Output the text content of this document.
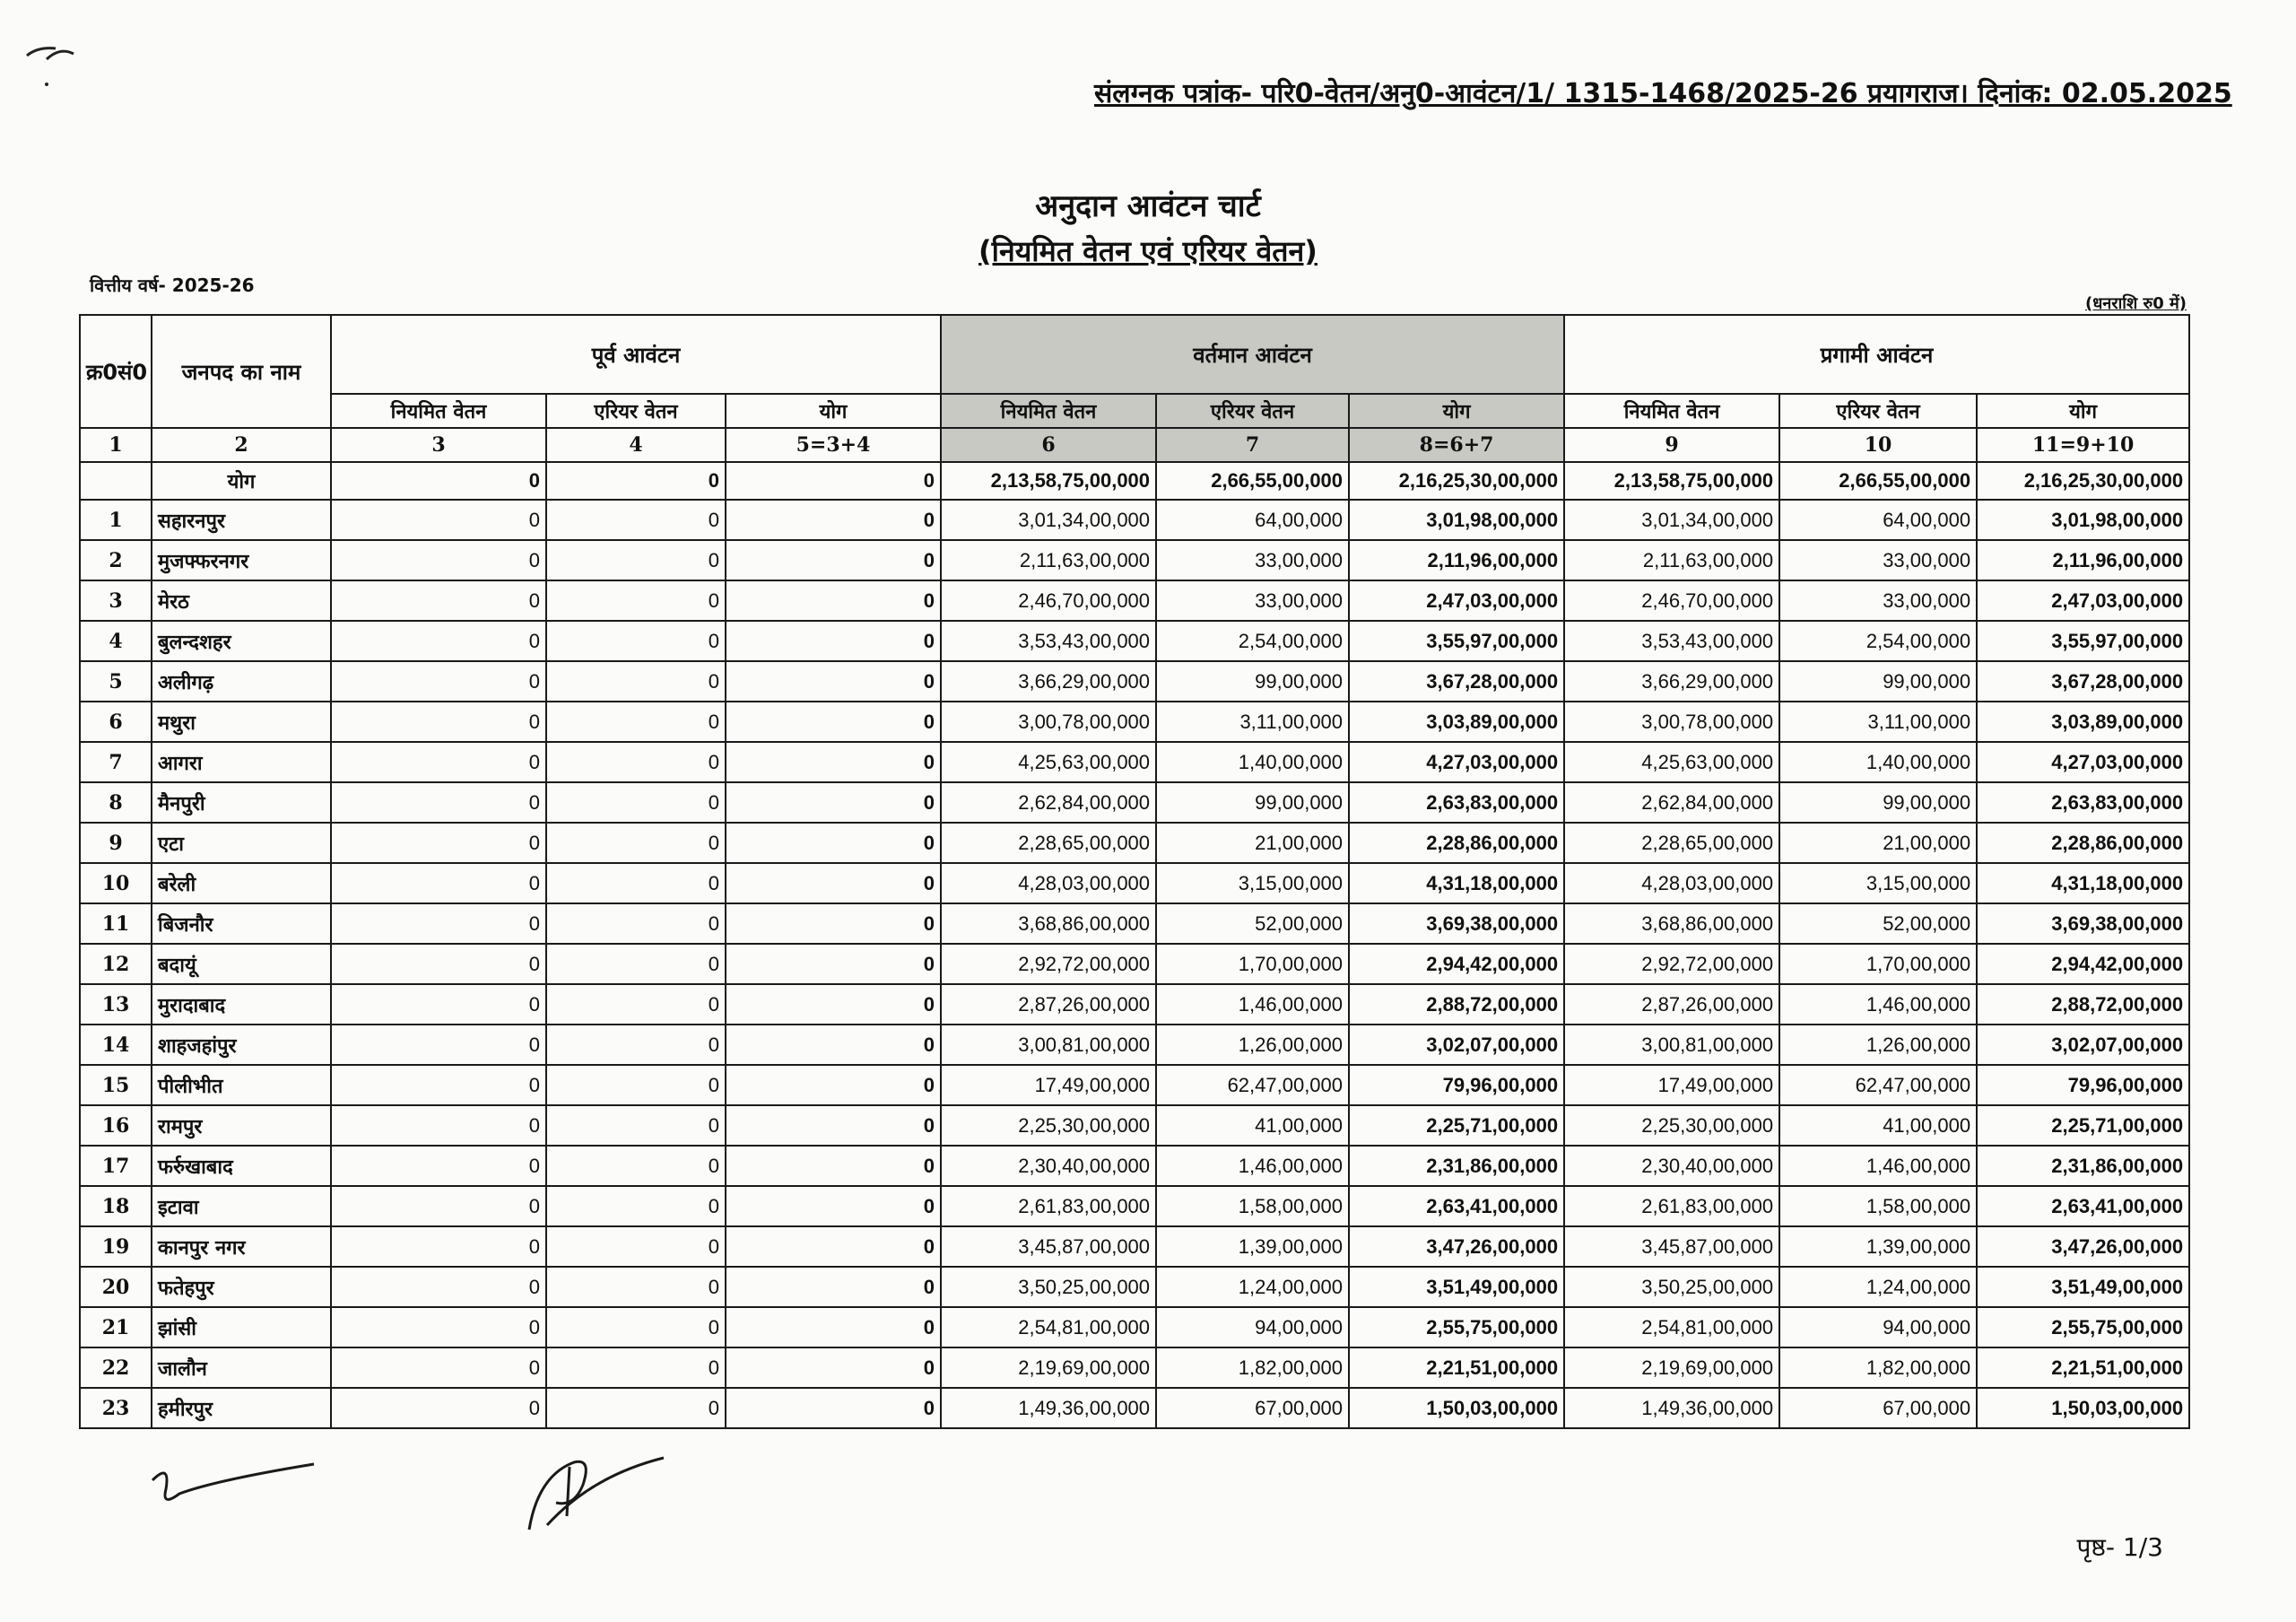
संलग्नक पत्रांक- परि0-वेतन/अनु0-आवंटन/1/ 1315-1468/2025-26 प्रयागराज। दिनांक: 02.05.2025
अनुदान आवंटन चार्ट
(नियमित वेतन एवं एरियर वेतन)
वित्तीय वर्ष- 2025-26
(धनराशि रु0 में)
क्र0सं0	जनपद का नाम	पूर्व आवंटन			वर्तमान आवंटन			प्रगामी आवंटन		
		नियमित वेतन	एरियर वेतन	योग	नियमित वेतन	एरियर वेतन	योग	नियमित वेतन	एरियर वेतन	योग
1	2	3	4	5=3+4	6	7	8=6+7	9	10	11=9+10
	योग	0	0	0	2,13,58,75,00,000	2,66,55,00,000	2,16,25,30,00,000	2,13,58,75,00,000	2,66,55,00,000	2,16,25,30,00,000
1	सहारनपुर	0	0	0	3,01,34,00,000	64,00,000	3,01,98,00,000	3,01,34,00,000	64,00,000	3,01,98,00,000
2	मुजफ्फरनगर	0	0	0	2,11,63,00,000	33,00,000	2,11,96,00,000	2,11,63,00,000	33,00,000	2,11,96,00,000
3	मेरठ	0	0	0	2,46,70,00,000	33,00,000	2,47,03,00,000	2,46,70,00,000	33,00,000	2,47,03,00,000
4	बुलन्दशहर	0	0	0	3,53,43,00,000	2,54,00,000	3,55,97,00,000	3,53,43,00,000	2,54,00,000	3,55,97,00,000
5	अलीगढ़	0	0	0	3,66,29,00,000	99,00,000	3,67,28,00,000	3,66,29,00,000	99,00,000	3,67,28,00,000
6	मथुरा	0	0	0	3,00,78,00,000	3,11,00,000	3,03,89,00,000	3,00,78,00,000	3,11,00,000	3,03,89,00,000
7	आगरा	0	0	0	4,25,63,00,000	1,40,00,000	4,27,03,00,000	4,25,63,00,000	1,40,00,000	4,27,03,00,000
8	मैनपुरी	0	0	0	2,62,84,00,000	99,00,000	2,63,83,00,000	2,62,84,00,000	99,00,000	2,63,83,00,000
9	एटा	0	0	0	2,28,65,00,000	21,00,000	2,28,86,00,000	2,28,65,00,000	21,00,000	2,28,86,00,000
10	बरेली	0	0	0	4,28,03,00,000	3,15,00,000	4,31,18,00,000	4,28,03,00,000	3,15,00,000	4,31,18,00,000
11	बिजनौर	0	0	0	3,68,86,00,000	52,00,000	3,69,38,00,000	3,68,86,00,000	52,00,000	3,69,38,00,000
12	बदायूं	0	0	0	2,92,72,00,000	1,70,00,000	2,94,42,00,000	2,92,72,00,000	1,70,00,000	2,94,42,00,000
13	मुरादाबाद	0	0	0	2,87,26,00,000	1,46,00,000	2,88,72,00,000	2,87,26,00,000	1,46,00,000	2,88,72,00,000
14	शाहजहांपुर	0	0	0	3,00,81,00,000	1,26,00,000	3,02,07,00,000	3,00,81,00,000	1,26,00,000	3,02,07,00,000
15	पीलीभीत	0	0	0	17,49,00,000	62,47,00,000	79,96,00,000	17,49,00,000	62,47,00,000	79,96,00,000
16	रामपुर	0	0	0	2,25,30,00,000	41,00,000	2,25,71,00,000	2,25,30,00,000	41,00,000	2,25,71,00,000
17	फर्रुखाबाद	0	0	0	2,30,40,00,000	1,46,00,000	2,31,86,00,000	2,30,40,00,000	1,46,00,000	2,31,86,00,000
18	इटावा	0	0	0	2,61,83,00,000	1,58,00,000	2,63,41,00,000	2,61,83,00,000	1,58,00,000	2,63,41,00,000
19	कानपुर नगर	0	0	0	3,45,87,00,000	1,39,00,000	3,47,26,00,000	3,45,87,00,000	1,39,00,000	3,47,26,00,000
20	फतेहपुर	0	0	0	3,50,25,00,000	1,24,00,000	3,51,49,00,000	3,50,25,00,000	1,24,00,000	3,51,49,00,000
21	झांसी	0	0	0	2,54,81,00,000	94,00,000	2,55,75,00,000	2,54,81,00,000	94,00,000	2,55,75,00,000
22	जालौन	0	0	0	2,19,69,00,000	1,82,00,000	2,21,51,00,000	2,19,69,00,000	1,82,00,000	2,21,51,00,000
23	हमीरपुर	0	0	0	1,49,36,00,000	67,00,000	1,50,03,00,000	1,49,36,00,000	67,00,000	1,50,03,00,000
पृष्ठ- 1/3
